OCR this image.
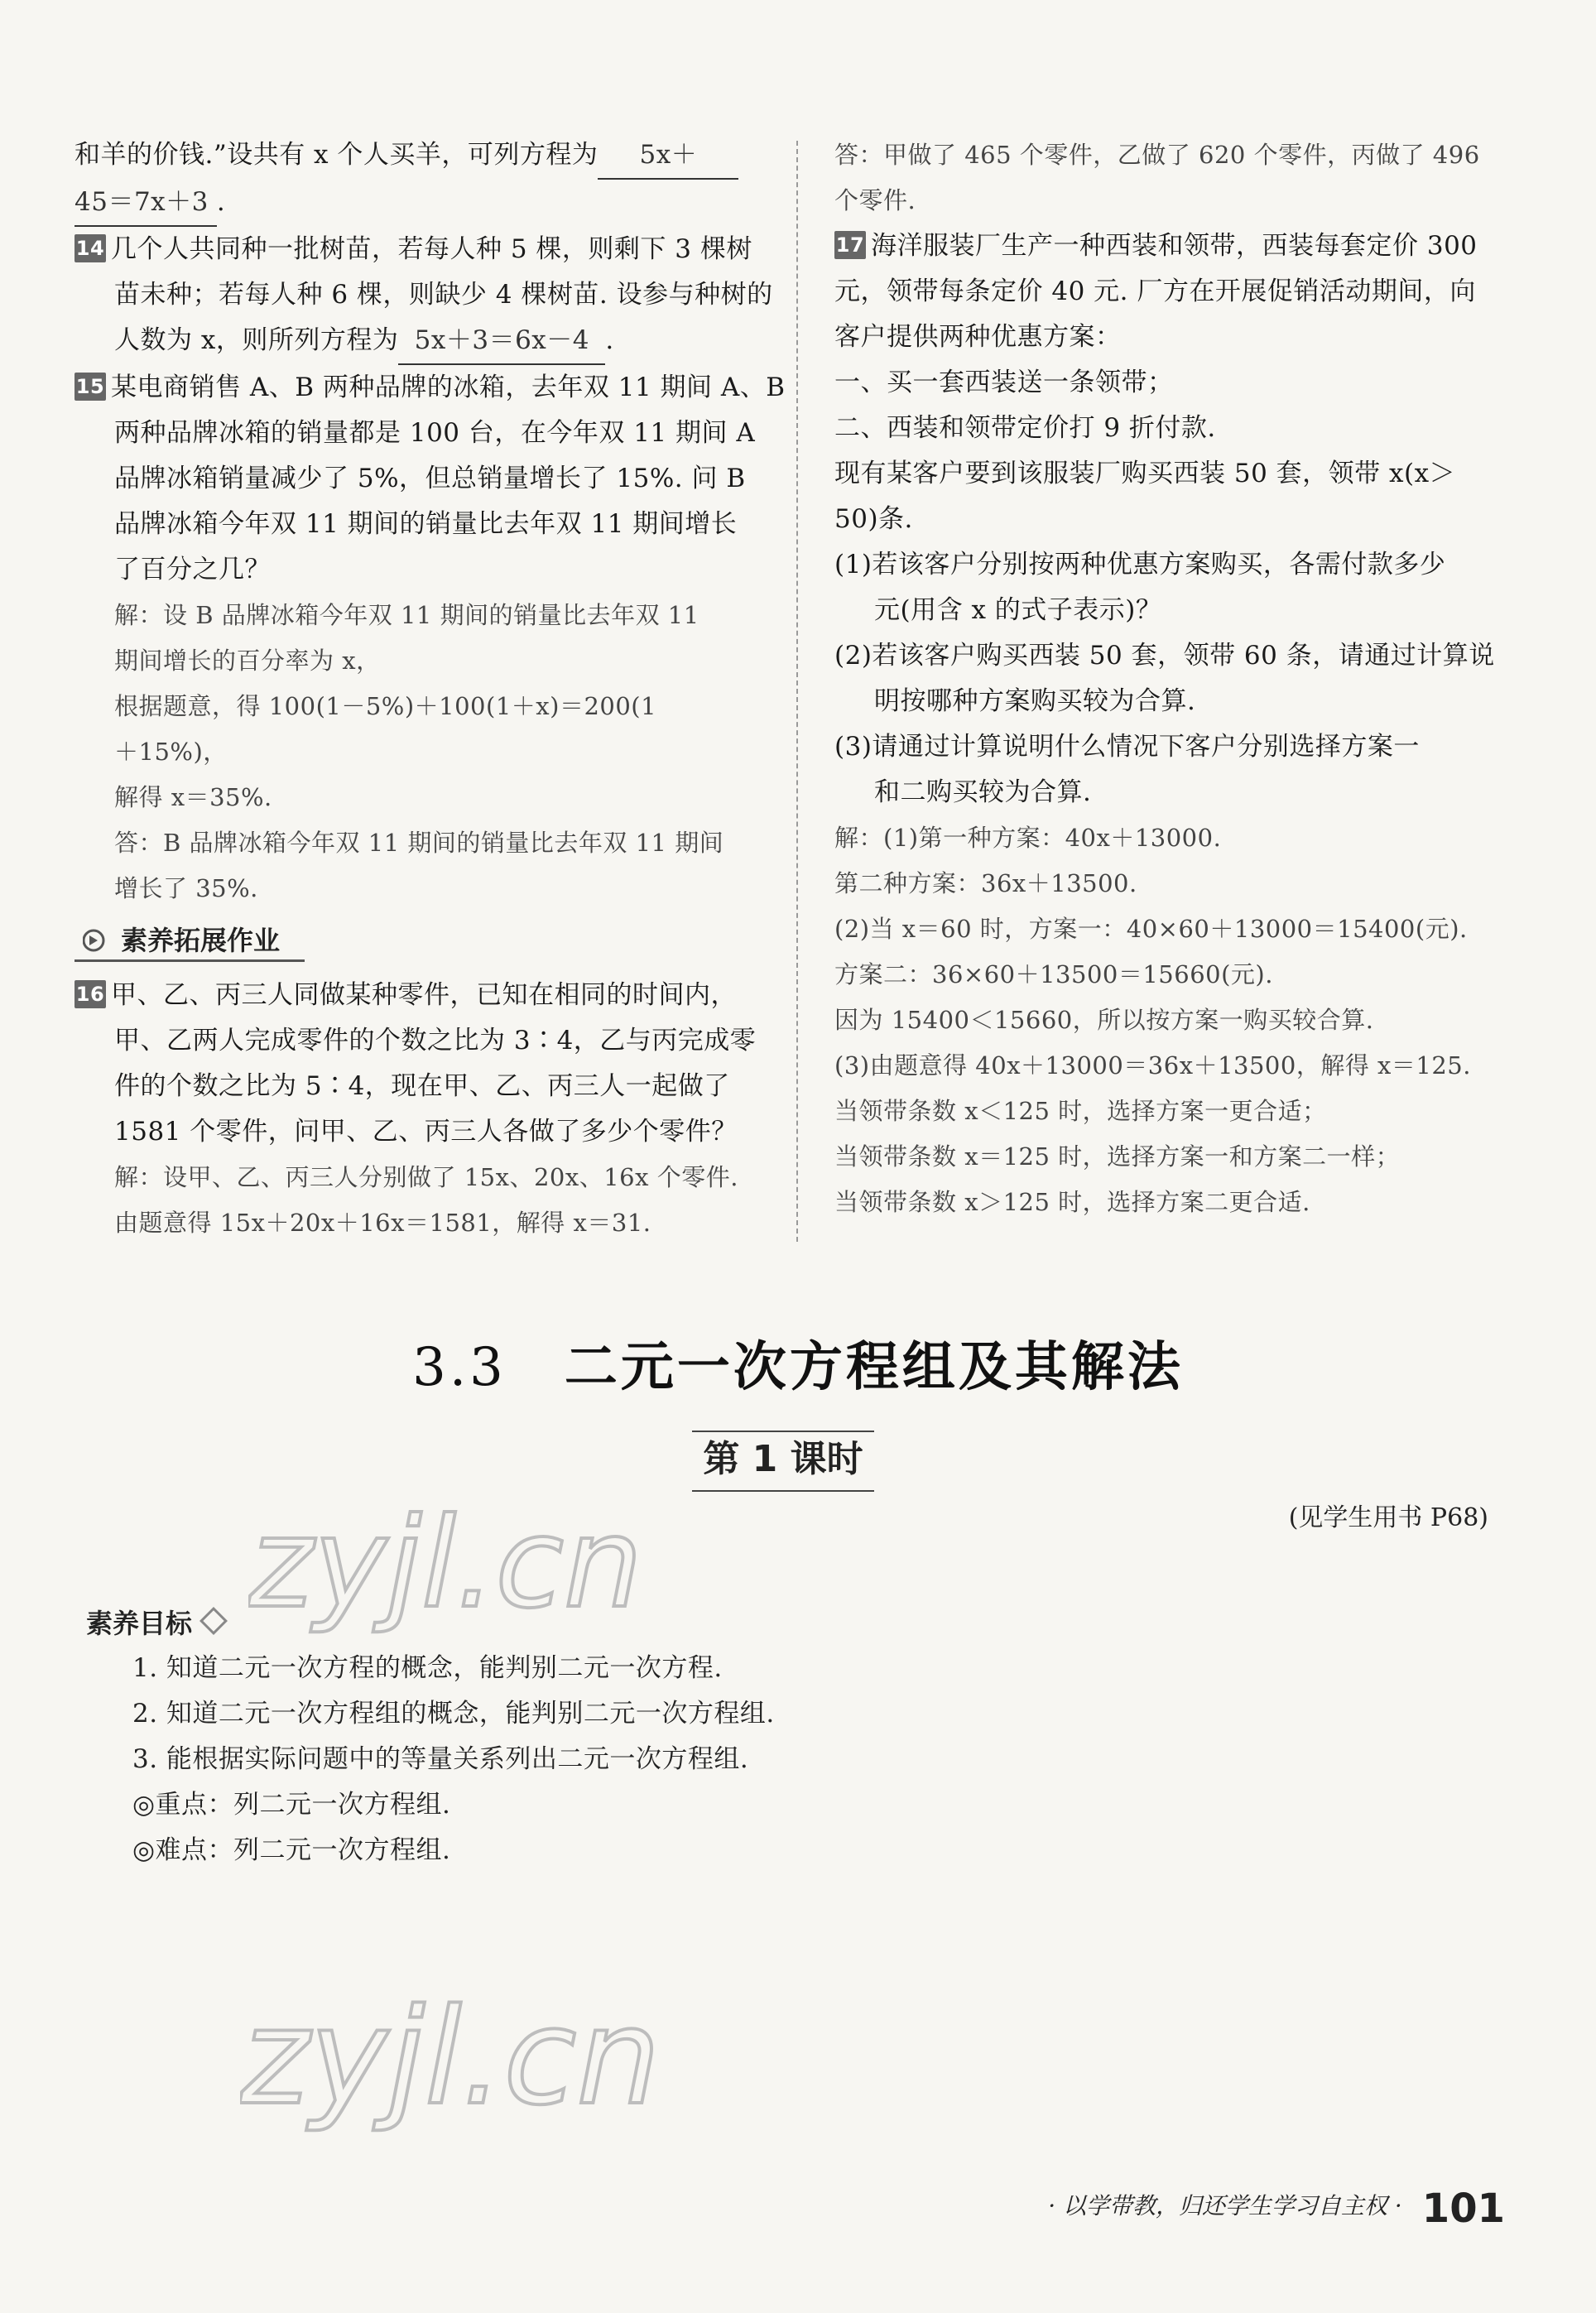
和羊的价钱.”设共有 x 个人买羊，可列方程为 5x＋
45＝7x＋3 .
14 几个人共同种一批树苗，若每人种 5 棵，则剩下 3 棵树
苗未种；若每人种 6 棵，则缺少 4 棵树苗. 设参与种树的
人数为 x，则所列方程为 5x＋3＝6x－4 .
15 某电商销售 A、B 两种品牌的冰箱，去年双 11 期间 A、B
两种品牌冰箱的销量都是 100 台，在今年双 11 期间 A
品牌冰箱销量减少了 5%，但总销量增长了 15%. 问 B
品牌冰箱今年双 11 期间的销量比去年双 11 期间增长
了百分之几？
解：设 B 品牌冰箱今年双 11 期间的销量比去年双 11
期间增长的百分率为 x，
根据题意，得 100(1－5%)＋100(1＋x)＝200(1
＋15%)，
解得 x＝35%.
答：B 品牌冰箱今年双 11 期间的销量比去年双 11 期间
增长了 35%.
素养拓展作业
16 甲、乙、丙三人同做某种零件，已知在相同的时间内，
甲、乙两人完成零件的个数之比为 3∶4，乙与丙完成零
件的个数之比为 5∶4，现在甲、乙、丙三人一起做了
1581 个零件，问甲、乙、丙三人各做了多少个零件？
解：设甲、乙、丙三人分别做了 15x、20x、16x 个零件.
由题意得 15x＋20x＋16x＝1581，解得 x＝31.
答：甲做了 465 个零件，乙做了 620 个零件，丙做了 496
个零件.
17 海洋服装厂生产一种西装和领带，西装每套定价 300
元，领带每条定价 40 元. 厂方在开展促销活动期间，向
客户提供两种优惠方案：
一、买一套西装送一条领带；
二、西装和领带定价打 9 折付款.
现有某客户要到该服装厂购买西装 50 套，领带 x(x＞
50)条.
(1)若该客户分别按两种优惠方案购买，各需付款多少
元(用含 x 的式子表示)？
(2)若该客户购买西装 50 套，领带 60 条，请通过计算说
明按哪种方案购买较为合算.
(3)请通过计算说明什么情况下客户分别选择方案一
和二购买较为合算.
解：(1)第一种方案：40x＋13000.
第二种方案：36x＋13500.
(2)当 x＝60 时，方案一：40×60＋13000＝15400(元).
方案二：36×60＋13500＝15660(元).
因为 15400＜15660，所以按方案一购买较合算.
(3)由题意得 40x＋13000＝36x＋13500，解得 x＝125.
当领带条数 x＜125 时，选择方案一更合适；
当领带条数 x＝125 时，选择方案一和方案二一样；
当领带条数 x＞125 时，选择方案二更合适.
3.3 二元一次方程组及其解法
第 1 课时
(见学生用书 P68)
zyjl.cn
zyjl.cn
素养目标
1. 知道二元一次方程的概念，能判别二元一次方程.
2. 知道二元一次方程组的概念，能判别二元一次方程组.
3. 能根据实际问题中的等量关系列出二元一次方程组.
◎重点：列二元一次方程组.
◎难点：列二元一次方程组.
· 以学带教，归还学生学习自主权 · 101
